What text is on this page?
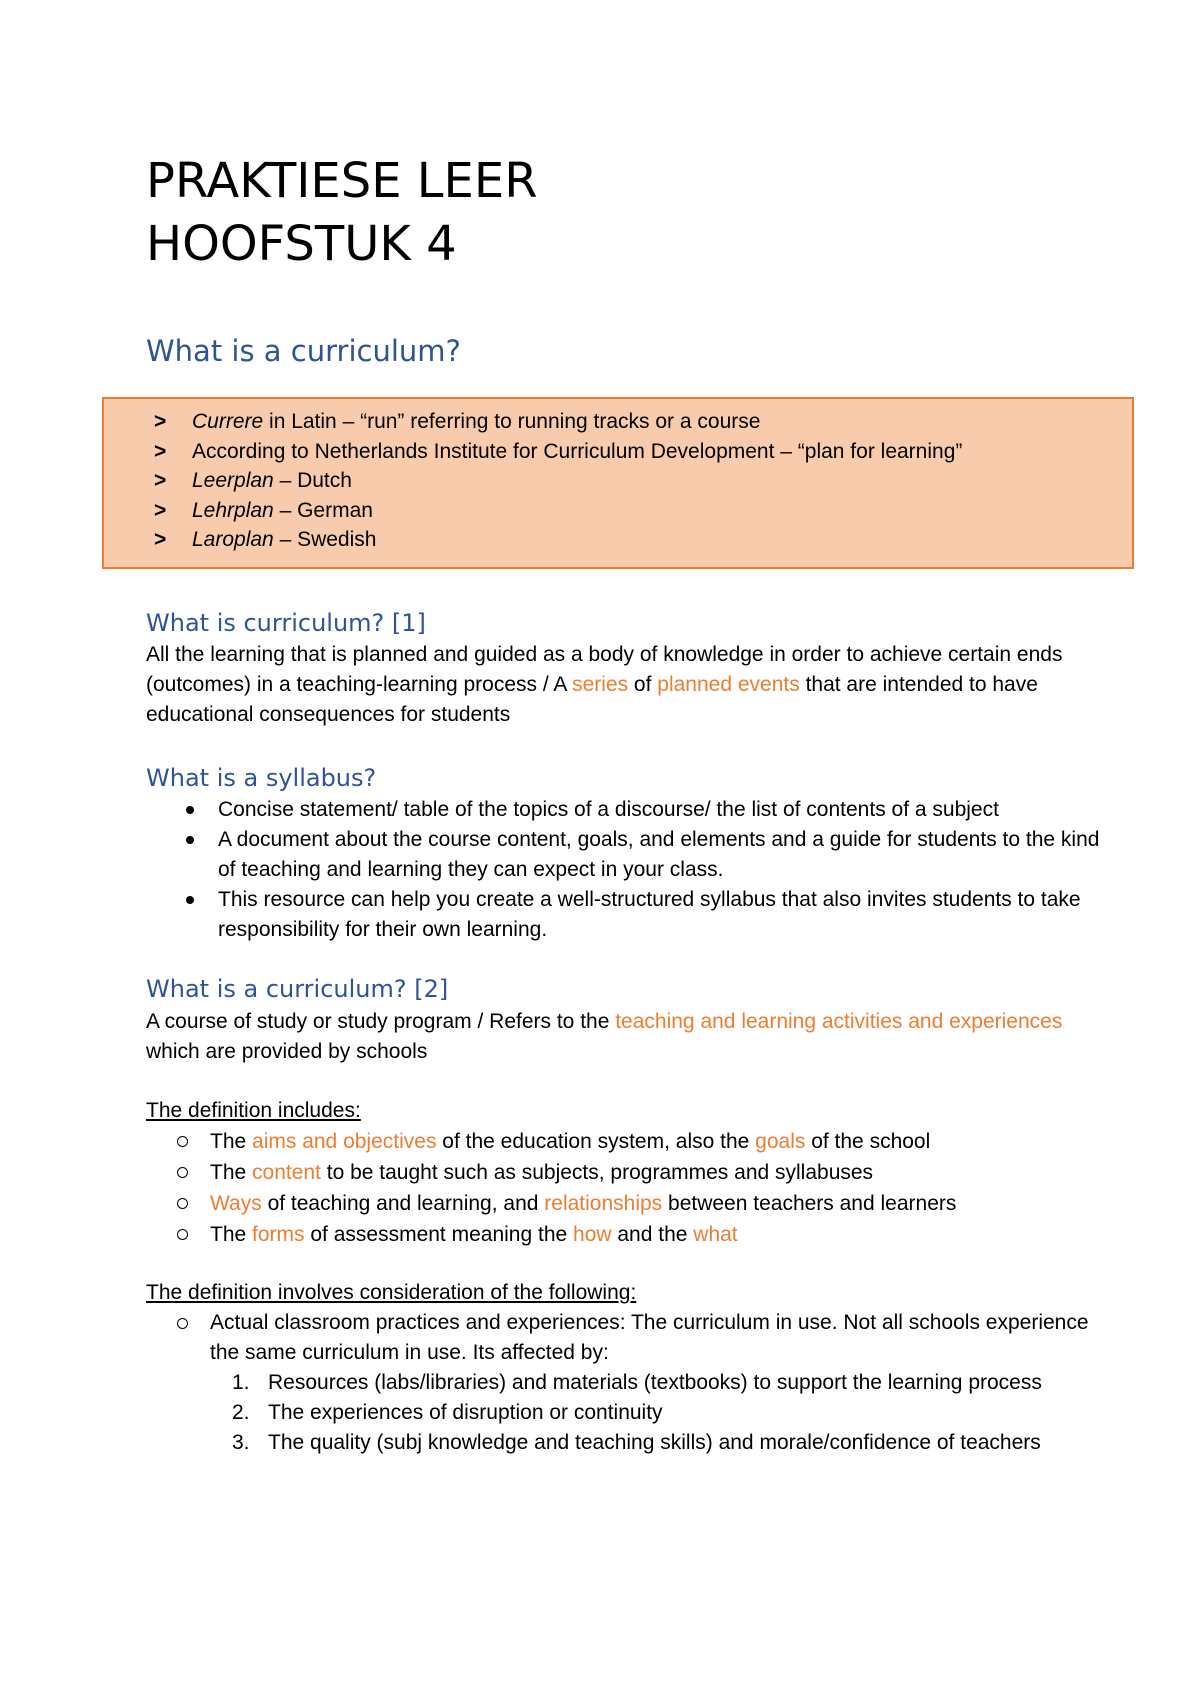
PRAKTIESE LEER
HOOFSTUK 4
What is a curriculum?
> Currere in Latin – “run” referring to running tracks or a course
> According to Netherlands Institute for Curriculum Development – “plan for learning”
> Leerplan – Dutch
> Lehrplan – German
> Laroplan – Swedish
What is curriculum? [1]

All the learning that is planned and guided as a body of knowledge in order to achieve certain ends (outcomes) in a teaching-learning process / A series of planned events that are intended to have educational consequences for students

What is a syllabus?
Concise statement/ table of the topics of a discourse/ the list of contents of a subject
A document about the course content, goals, and elements and a guide for students to the kind of teaching and learning they can expect in your class.
This resource can help you create a well-structured syllabus that also invites students to take responsibility for their own learning.
What is a curriculum? [2]

A course of study or study program / Refers to the teaching and learning activities and experiences which are provided by schools

The definition includes:

The aims and objectives of the education system, also the goals of the school
The content to be taught such as subjects, programmes and syllabuses
Ways of teaching and learning, and relationships between teachers and learners
The forms of assessment meaning the how and the what

The definition involves consideration of the following:

Actual classroom practices and experiences: The curriculum in use. Not all schools experience the same curriculum in use. Its affected by:
1. Resources (labs/libraries) and materials (textbooks) to support the learning process
2. The experiences of disruption or continuity
3. The quality (subj knowledge and teaching skills) and morale/confidence of teachers
